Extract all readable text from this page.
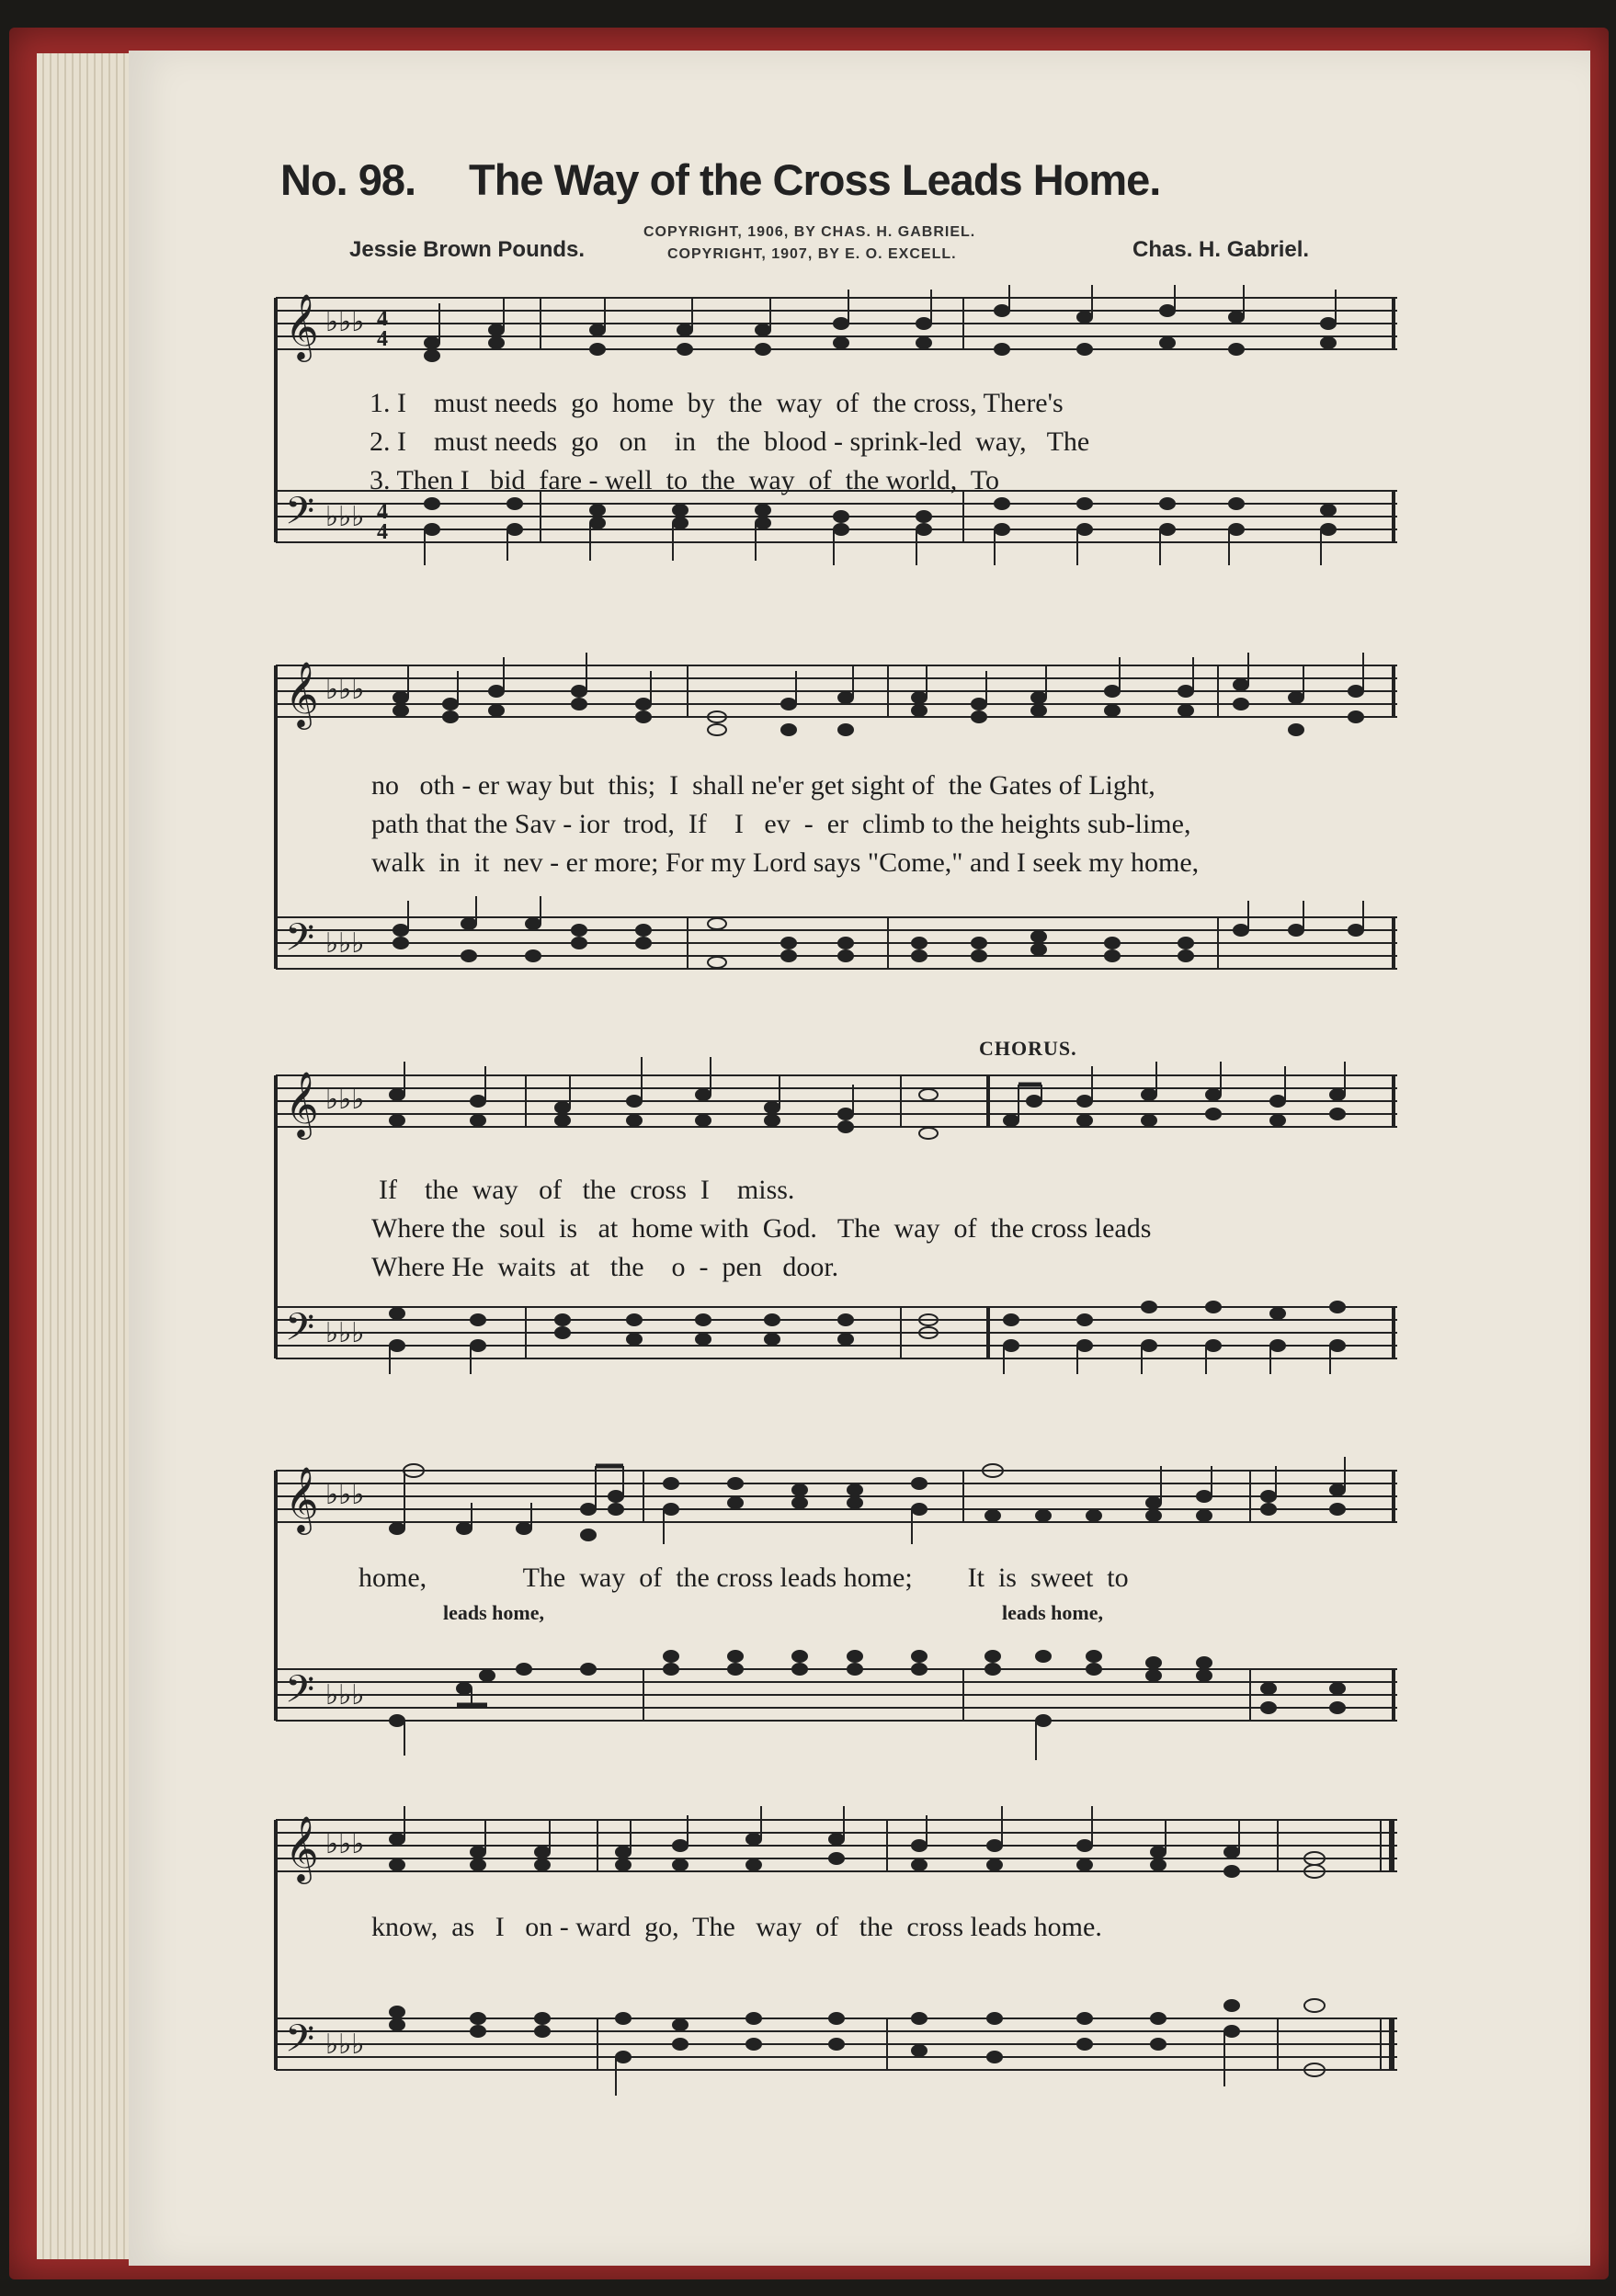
No. 98. The Way of the Cross Leads Home.
Jessie Brown Pounds.
COPYRIGHT, 1906, BY CHAS. H. GABRIEL.
COPYRIGHT, 1907, BY E. O. EXCELL.	Chas. H. Gabriel.
𝄞 ♭♭♭ 4
4
𝄢 ♭♭♭ 4
4
1. I    must needs  go  home  by  the  way  of  the cross, There's
2. I    must needs  go   on    in   the  blood - sprink-led  way,   The
3. Then I   bid  fare - well  to  the  way  of  the world,  To
𝄞 ♭♭♭
𝄢 ♭♭♭
no   oth - er way but  this;  I  shall ne'er get sight of  the Gates of Light,
path that the Sav - ior  trod,  If    I   ev  -  er  climb to the heights sub-lime,
walk  in  it  nev - er more; For my Lord says "Come," and I seek my home,
𝄞 ♭♭♭
𝄢 ♭♭♭
CHORUS.
If    the  way   of   the  cross  I    miss.
Where the  soul  is   at  home with  God.   The  way  of  the cross leads
Where He  waits  at   the    o  -  pen   door.
𝄞 ♭♭♭
𝄢 ♭♭♭
home,              The  way  of  the cross leads home;        It  is  sweet  to
leads home,	leads home,
𝄞 ♭♭♭
𝄢 ♭♭♭
know,  as   I   on - ward  go,  The   way  of   the  cross leads home.
